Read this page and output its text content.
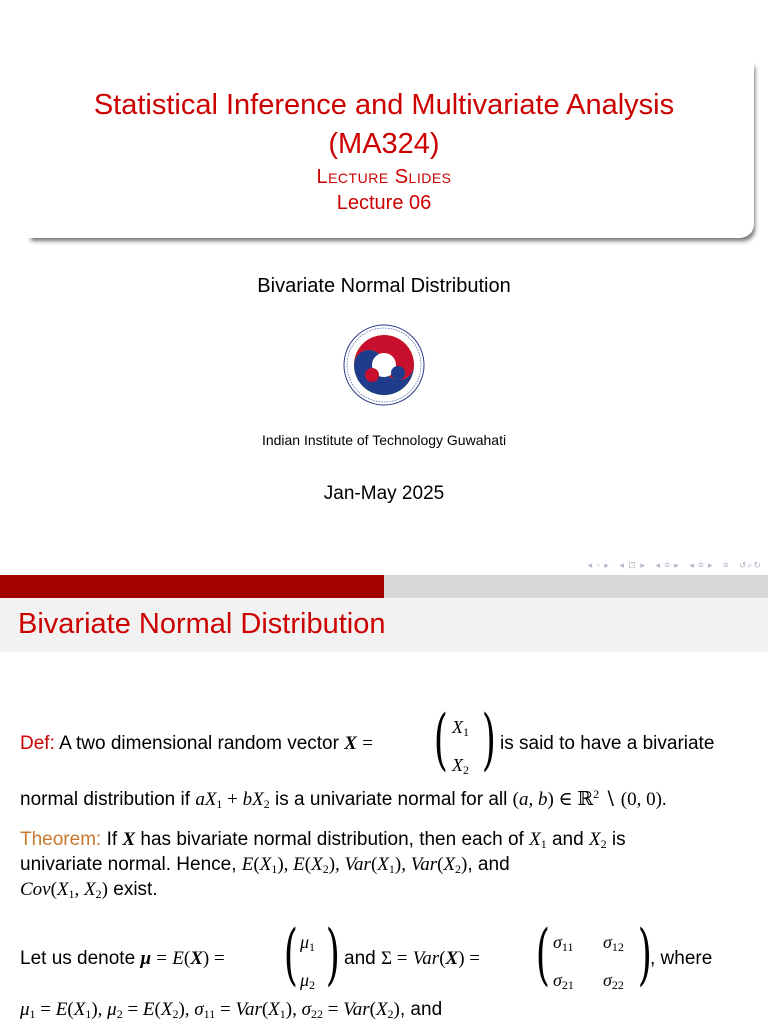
Statistical Inference and Multivariate Analysis
(MA324)
Lecture Slides
Lecture 06
Bivariate Normal Distribution
Indian Institute of Technology Guwahati
Jan-May 2025
◂ ▫ ▸ ◂ ⊡ ▸ ◂ ≡ ▸ ◂ ≡ ▸ ≡ ↺⌕↻
Bivariate Normal Distribution
Def: A two dimensional random vector X = ( $X_1$
$X_2$ ) is said to have a bivariate
normal distribution if $aX_1 + bX_2$ is a univariate normal for all (a, b) ∈ ℝ$^2$ ∖ (0, 0).
Theorem: If X has bivariate normal distribution, then each of $X_1$ and $X_2$ is
univariate normal. Hence, $E(X_1)$, $E(X_2)$, $Var(X_1)$, $Var(X_2)$, and
$Cov(X_1$, $X_2$) exist.
Let us denote μ = E(X) = ( $\mu_1$
$\mu_2$ ) and Σ = Var(X) = ( $\sigma_{11}$ $\sigma_{12}$
$\sigma_{21}$ $\sigma_{22}$ )
, where
$\mu_1 = E(X_1)$, $\mu_2 = E(X_2)$, $\sigma_{11} = Var(X_1)$, $\sigma_{22} = Var(X_2)$, and
